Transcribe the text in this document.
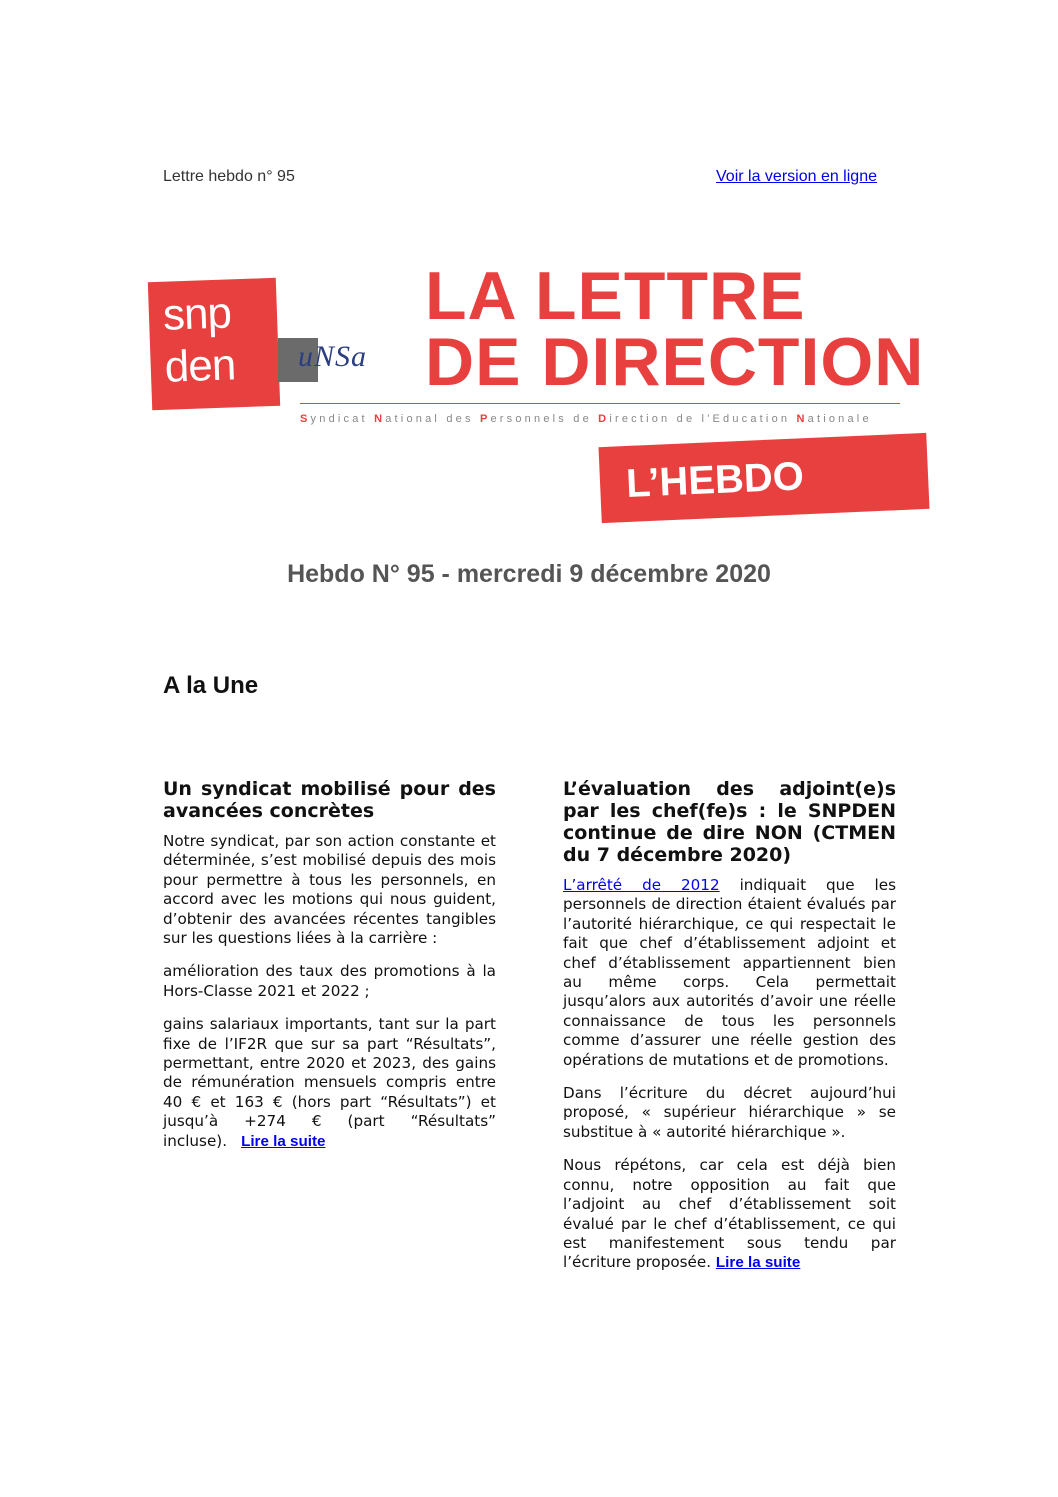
Lettre hebdo n° 95	Voir la version en ligne
snp
den uNSa
LA LETTRE
DE DIRECTION
Syndicat National des Personnels de Direction de l'Education Nationale
L’HEBDO
Hebdo N° 95 - mercredi 9 décembre 2020
A la Une
Un syndicat mobilisé pour des avancées concrètes

Notre syndicat, par son action constante et déterminée, s’est mobilisé depuis des mois pour permettre à tous les personnels, en accord avec les motions qui nous guident, d’obtenir des avancées récentes tangibles sur les questions liées à la carrière :

amélioration des taux des promotions à la Hors-Classe 2021 et 2022 ;

gains salariaux importants, tant sur la part fixe de l’IF2R que sur sa part “Résultats”, permettant, entre 2020 et 2023, des gains de rémunération mensuels compris entre 40 € et 163 € (hors part “Résultats”) et jusqu’à +274 € (part “Résultats” incluse). Lire la suite

L’évaluation des adjoint(e)s par les chef(fe)s : le SNPDEN continue de dire NON (CTMEN du 7 décembre 2020)

L’arrêté de 2012 indiquait que les personnels de direction étaient évalués par l’autorité hiérarchique, ce qui respectait le fait que chef d’établissement adjoint et chef d’établissement appartiennent bien au même corps. Cela permettait jusqu’alors aux autorités d’avoir une réelle connaissance de tous les personnels comme d’assurer une réelle gestion des opérations de mutations et de promotions.

Dans l’écriture du décret aujourd’hui proposé, « supérieur hiérarchique » se substitue à « autorité hiérarchique ».

Nous répétons, car cela est déjà bien connu, notre opposition au fait que l’adjoint au chef d’établissement soit évalué par le chef d’établissement, ce qui est manifestement sous tendu par l’écriture proposée. Lire la suite
